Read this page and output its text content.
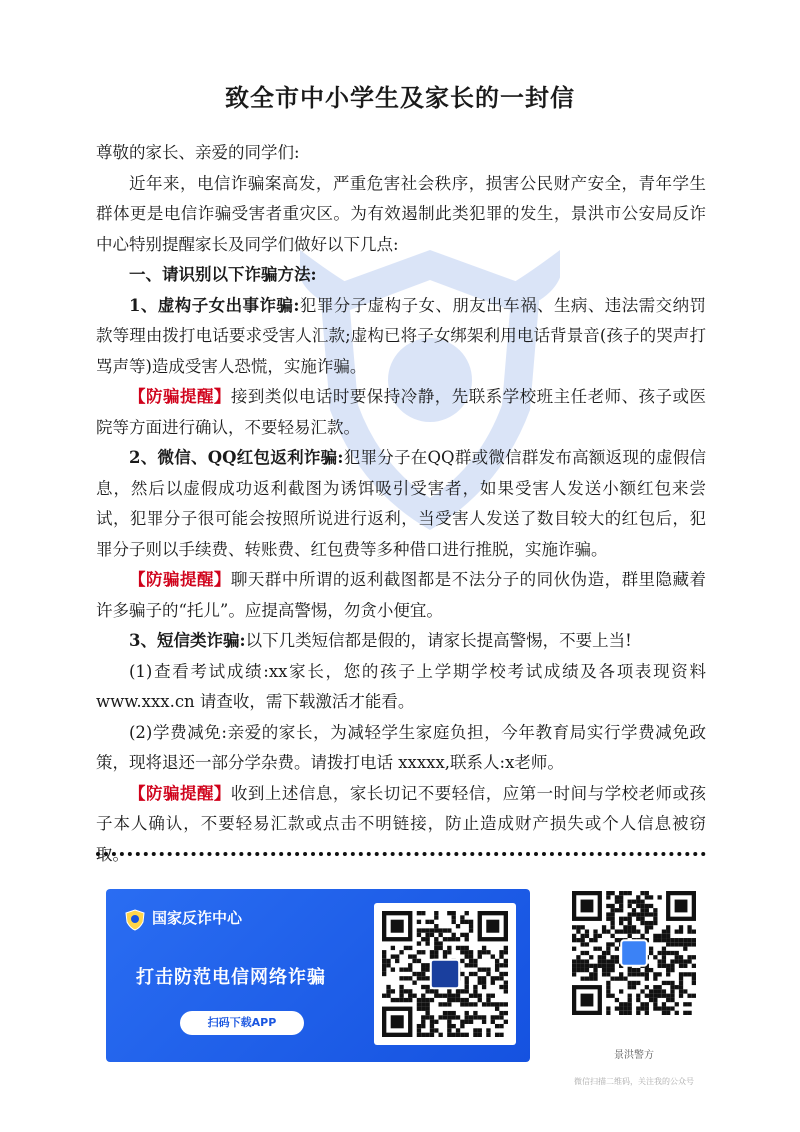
致全市中小学生及家长的一封信

尊敬的家长、亲爱的同学们:

近年来，电信诈骗案高发，严重危害社会秩序，损害公民财产安全，青年学生群体更是电信诈骗受害者重灾区。为有效遏制此类犯罪的发生，景洪市公安局反诈中心特别提醒家长及同学们做好以下几点:

一、请识别以下诈骗方法:

1、虚构子女出事诈骗:犯罪分子虚构子女、朋友出车祸、生病、违法需交纳罚款等理由拨打电话要求受害人汇款;虚构已将子女绑架利用电话背景音(孩子的哭声打骂声等)造成受害人恐慌，实施诈骗。

【防骗提醒】接到类似电话时要保持冷静，先联系学校班主任老师、孩子或医院等方面进行确认，不要轻易汇款。

2、微信、QQ红包返利诈骗:犯罪分子在QQ群或微信群发布高额返现的虚假信息，然后以虚假成功返利截图为诱饵吸引受害者，如果受害人发送小额红包来尝试，犯罪分子很可能会按照所说进行返利，当受害人发送了数目较大的红包后，犯罪分子则以手续费、转账费、红包费等多种借口进行推脱，实施诈骗。

【防骗提醒】聊天群中所谓的返利截图都是不法分子的同伙伪造，群里隐藏着许多骗子的“托儿”。应提高警惕，勿贪小便宜。

3、短信类诈骗:以下几类短信都是假的，请家长提高警惕，不要上当!

(1)查看考试成绩:xx家长，您的孩子上学期学校考试成绩及各项表现资料 www.xxx.cn 请查收，需下载激活才能看。

(2)学费减免:亲爱的家长，为减轻学生家庭负担，今年教育局实行学费减免政策，现将退还一部分学杂费。请拨打电话 xxxxx,联系人:x老师。

【防骗提醒】收到上述信息，家长切记不要轻信，应第一时间与学校老师或孩子本人确认，不要轻易汇款或点击不明链接，防止造成财产损失或个人信息被窃取。

国家反诈中心
打击防范电信网络诈骗
扫码下载APP
景洪警方
微信扫描二维码，关注我的公众号
